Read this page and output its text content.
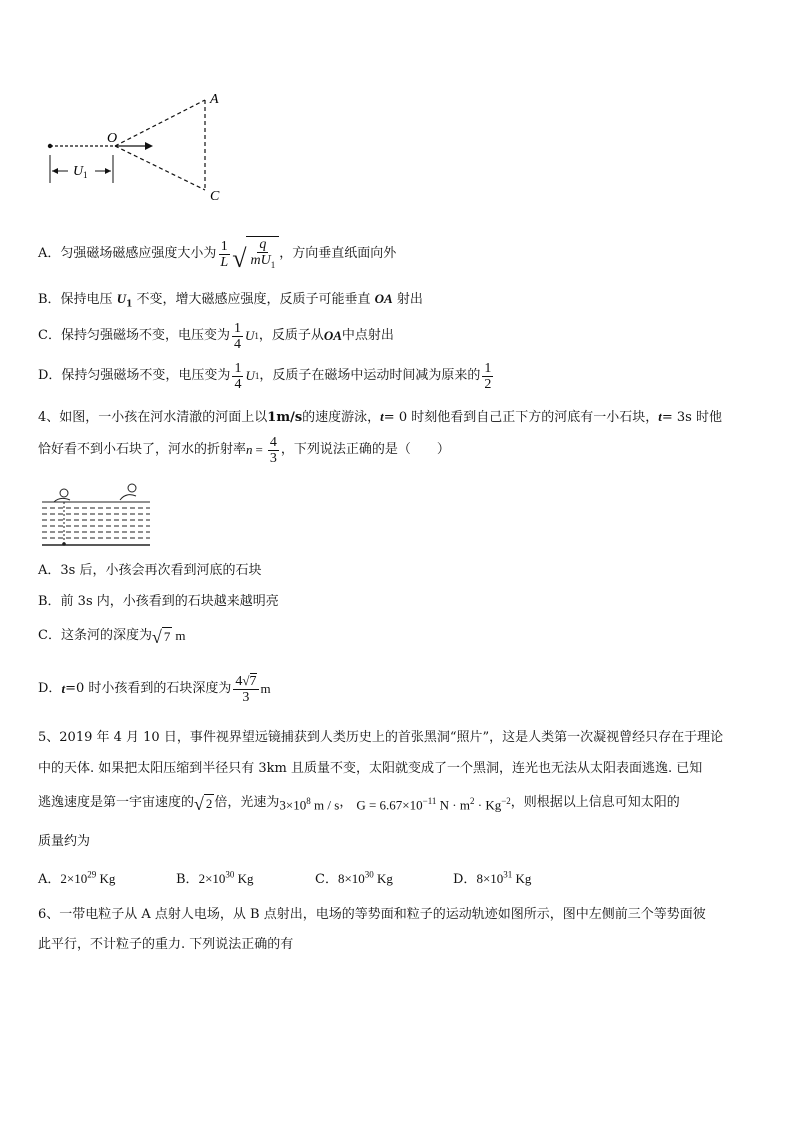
A
O
C
U 1
A．匀强磁场磁感应强度大小为 $\frac{1}{L}$ √ $\frac{q}{mU_1}$ ，方向垂直纸面向外
B．保持电压 $U_1$ 不变，增大磁感应强度，反质子可能垂直 OA 射出
C．保持匀强磁场不变，电压变为 $\frac{1}{4}$ U 1 ，反质子从 OA 中点射出
D．保持匀强磁场不变，电压变为 $\frac{1}{4}$ U 1 ，反质子在磁场中运动时间减为原来的 $\frac{1}{2}$
4、如图，一小孩在河水清澈的河面上以1m/s的速度游泳，t= 0 时刻他看到自己正下方的河底有一小石块，t= 3s 时他
恰好看不到小石块了，河水的折射率 $n = \frac{4}{3}$ ，下列说法正确的是（　　）
A．3s 后，小孩会再次看到河底的石块
B．前 3s 内，小孩看到的石块越来越明亮
C．这条河的深度为 √ 7 m
D． t =0 时小孩看到的石块深度为 $\frac{4√7}{3}$ m
5、2019 年 4 月 10 日，事件视界望远镜捕获到人类历史上的首张黑洞“照片”，这是人类第一次凝视曾经只存在于理论
中的天体. 如果把太阳压缩到半径只有 3km 且质量不变，太阳就变成了一个黑洞，连光也无法从太阳表面逃逸. 已知
逃逸速度是第一宇宙速度的 √ 2 倍，光速为 $3\times 10^8$ m / s ， $G = 6.67\times 10^{-11}$ $N \cdot m^2 \cdot Kg^{-2}$ ，则根据以上信息可知太阳的
质量约为
A．$2\times 10^{29}$ Kg	B．$2\times 10^{30}$ Kg	C．$8\times 10^{30}$ Kg	D．$8\times 10^{31}$ Kg
6、一带电粒子从 A 点射人电场，从 B 点射出，电场的等势面和粒子的运动轨迹如图所示，图中左侧前三个等势面彼
此平行，不计粒子的重力. 下列说法正确的有
